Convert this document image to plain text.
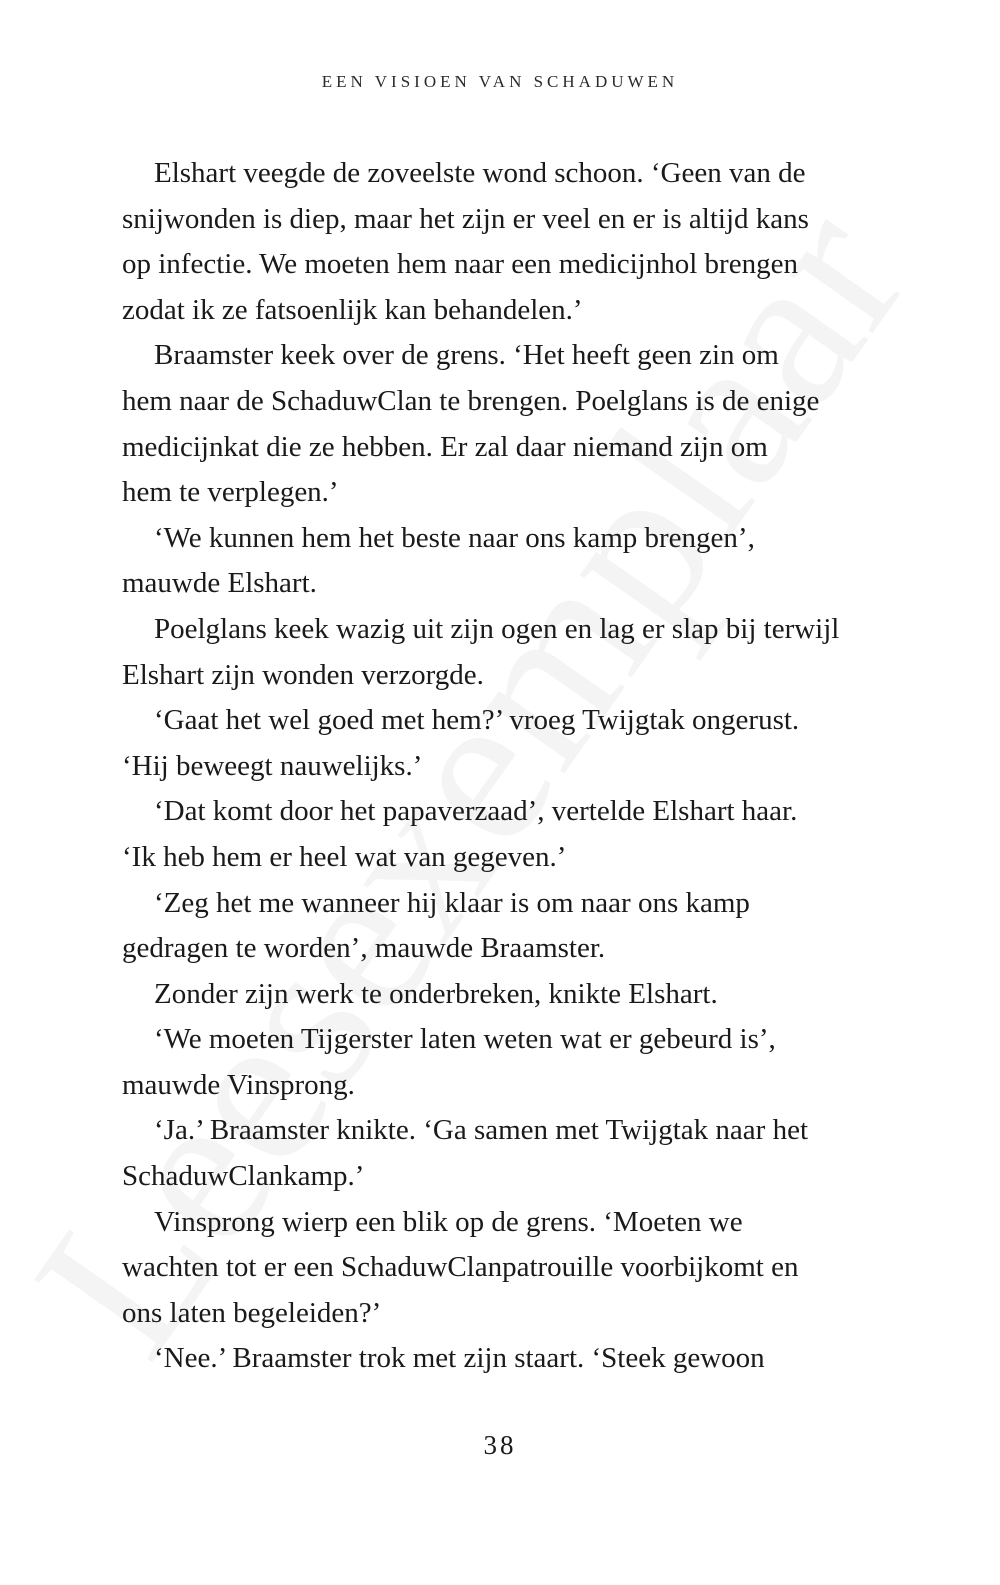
EEN VISIOEN VAN SCHADUWEN
Elshart veegde de zoveelste wond schoon. ‘Geen van de
snijwonden is diep, maar het zijn er veel en er is altijd kans
op infectie. We moeten hem naar een medicijnhol brengen
zodat ik ze fatsoenlijk kan behandelen.’
Braamster keek over de grens. ‘Het heeft geen zin om
hem naar de SchaduwClan te brengen. Poelglans is de enige
medicijnkat die ze hebben. Er zal daar niemand zijn om
hem te verplegen.’
‘We kunnen hem het beste naar ons kamp brengen’,
mauwde Elshart.
Poelglans keek wazig uit zijn ogen en lag er slap bij terwijl
Elshart zijn wonden verzorgde.
‘Gaat het wel goed met hem?’ vroeg Twijgtak ongerust.
‘Hij beweegt nauwelijks.’
‘Dat komt door het papaverzaad’, vertelde Elshart haar.
‘Ik heb hem er heel wat van gegeven.’
‘Zeg het me wanneer hij klaar is om naar ons kamp
gedragen te worden’, mauwde Braamster.
Zonder zijn werk te onderbreken, knikte Elshart.
‘We moeten Tijgerster laten weten wat er gebeurd is’,
mauwde Vinsprong.
‘Ja.’ Braamster knikte. ‘Ga samen met Twijgtak naar het
SchaduwClankamp.’
Vinsprong wierp een blik op de grens. ‘Moeten we
wachten tot er een SchaduwClanpatrouille voorbijkomt en
ons laten begeleiden?’
‘Nee.’ Braamster trok met zijn staart. ‘Steek gewoon
38
